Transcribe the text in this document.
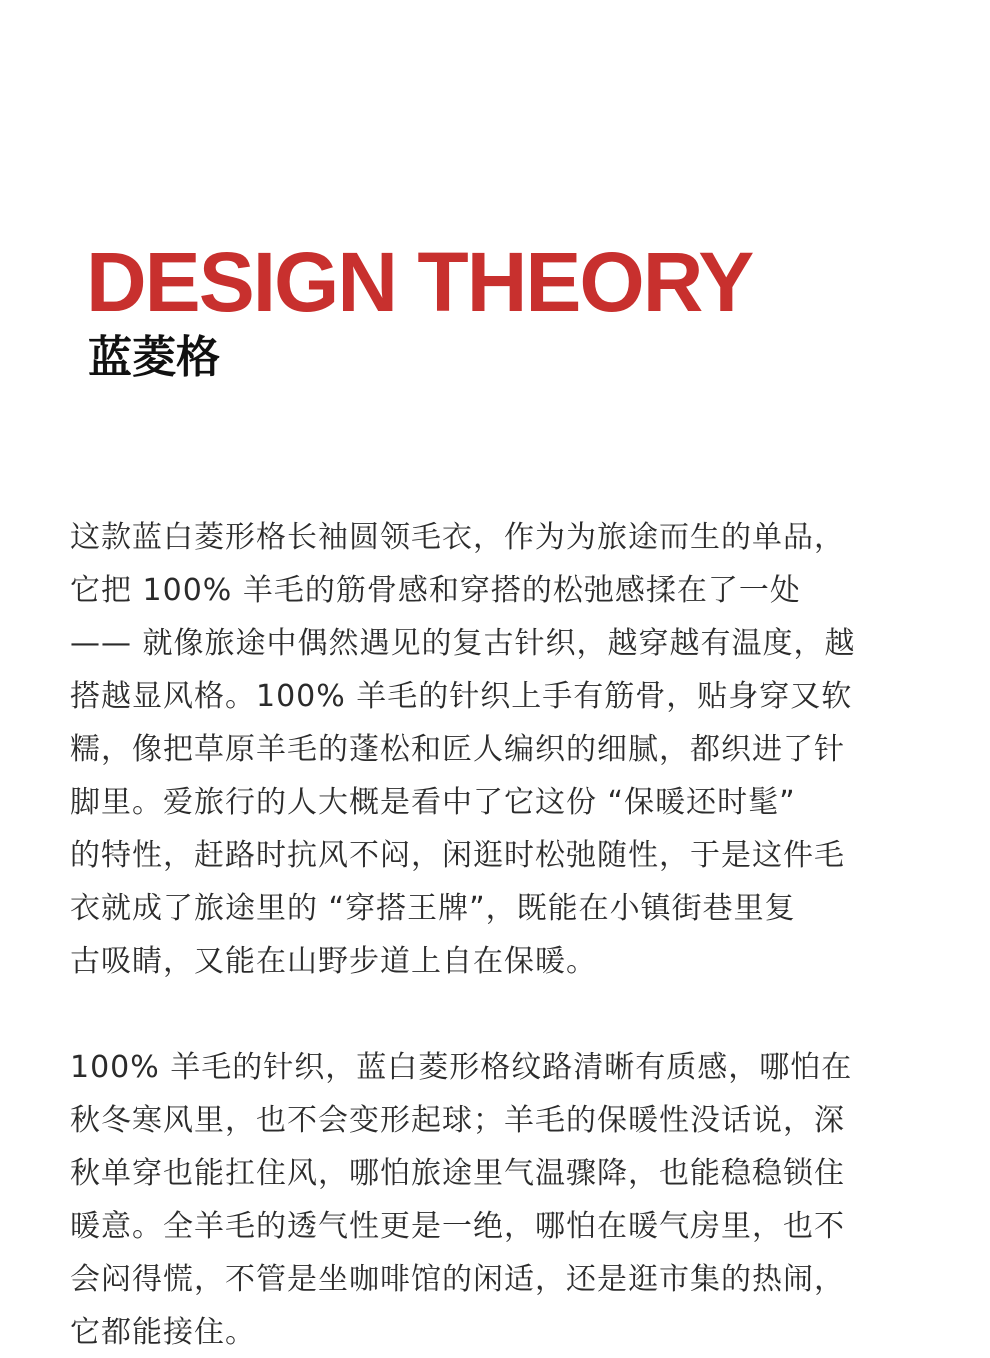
DESIGN THEORY
蓝菱格

这款蓝白菱形格长袖圆领毛衣，作为为旅途而生的单品，

它把 100% 羊毛的筋骨感和穿搭的松弛感揉在了一处

—— 就像旅途中偶然遇见的复古针织，越穿越有温度，越

搭越显风格。100% 羊毛的针织上手有筋骨，贴身穿又软

糯，像把草原羊毛的蓬松和匠人编织的细腻，都织进了针

脚里。爱旅行的人大概是看中了它这份 “保暖还时髦”

的特性，赶路时抗风不闷，闲逛时松弛随性，于是这件毛

衣就成了旅途里的 “穿搭王牌”，既能在小镇街巷里复

古吸睛，又能在山野步道上自在保暖。

100% 羊毛的针织，蓝白菱形格纹路清晰有质感，哪怕在

秋冬寒风里，也不会变形起球；羊毛的保暖性没话说，深

秋单穿也能扛住风，哪怕旅途里气温骤降，也能稳稳锁住

暖意。全羊毛的透气性更是一绝，哪怕在暖气房里，也不

会闷得慌，不管是坐咖啡馆的闲适，还是逛市集的热闹，

它都能接住。
